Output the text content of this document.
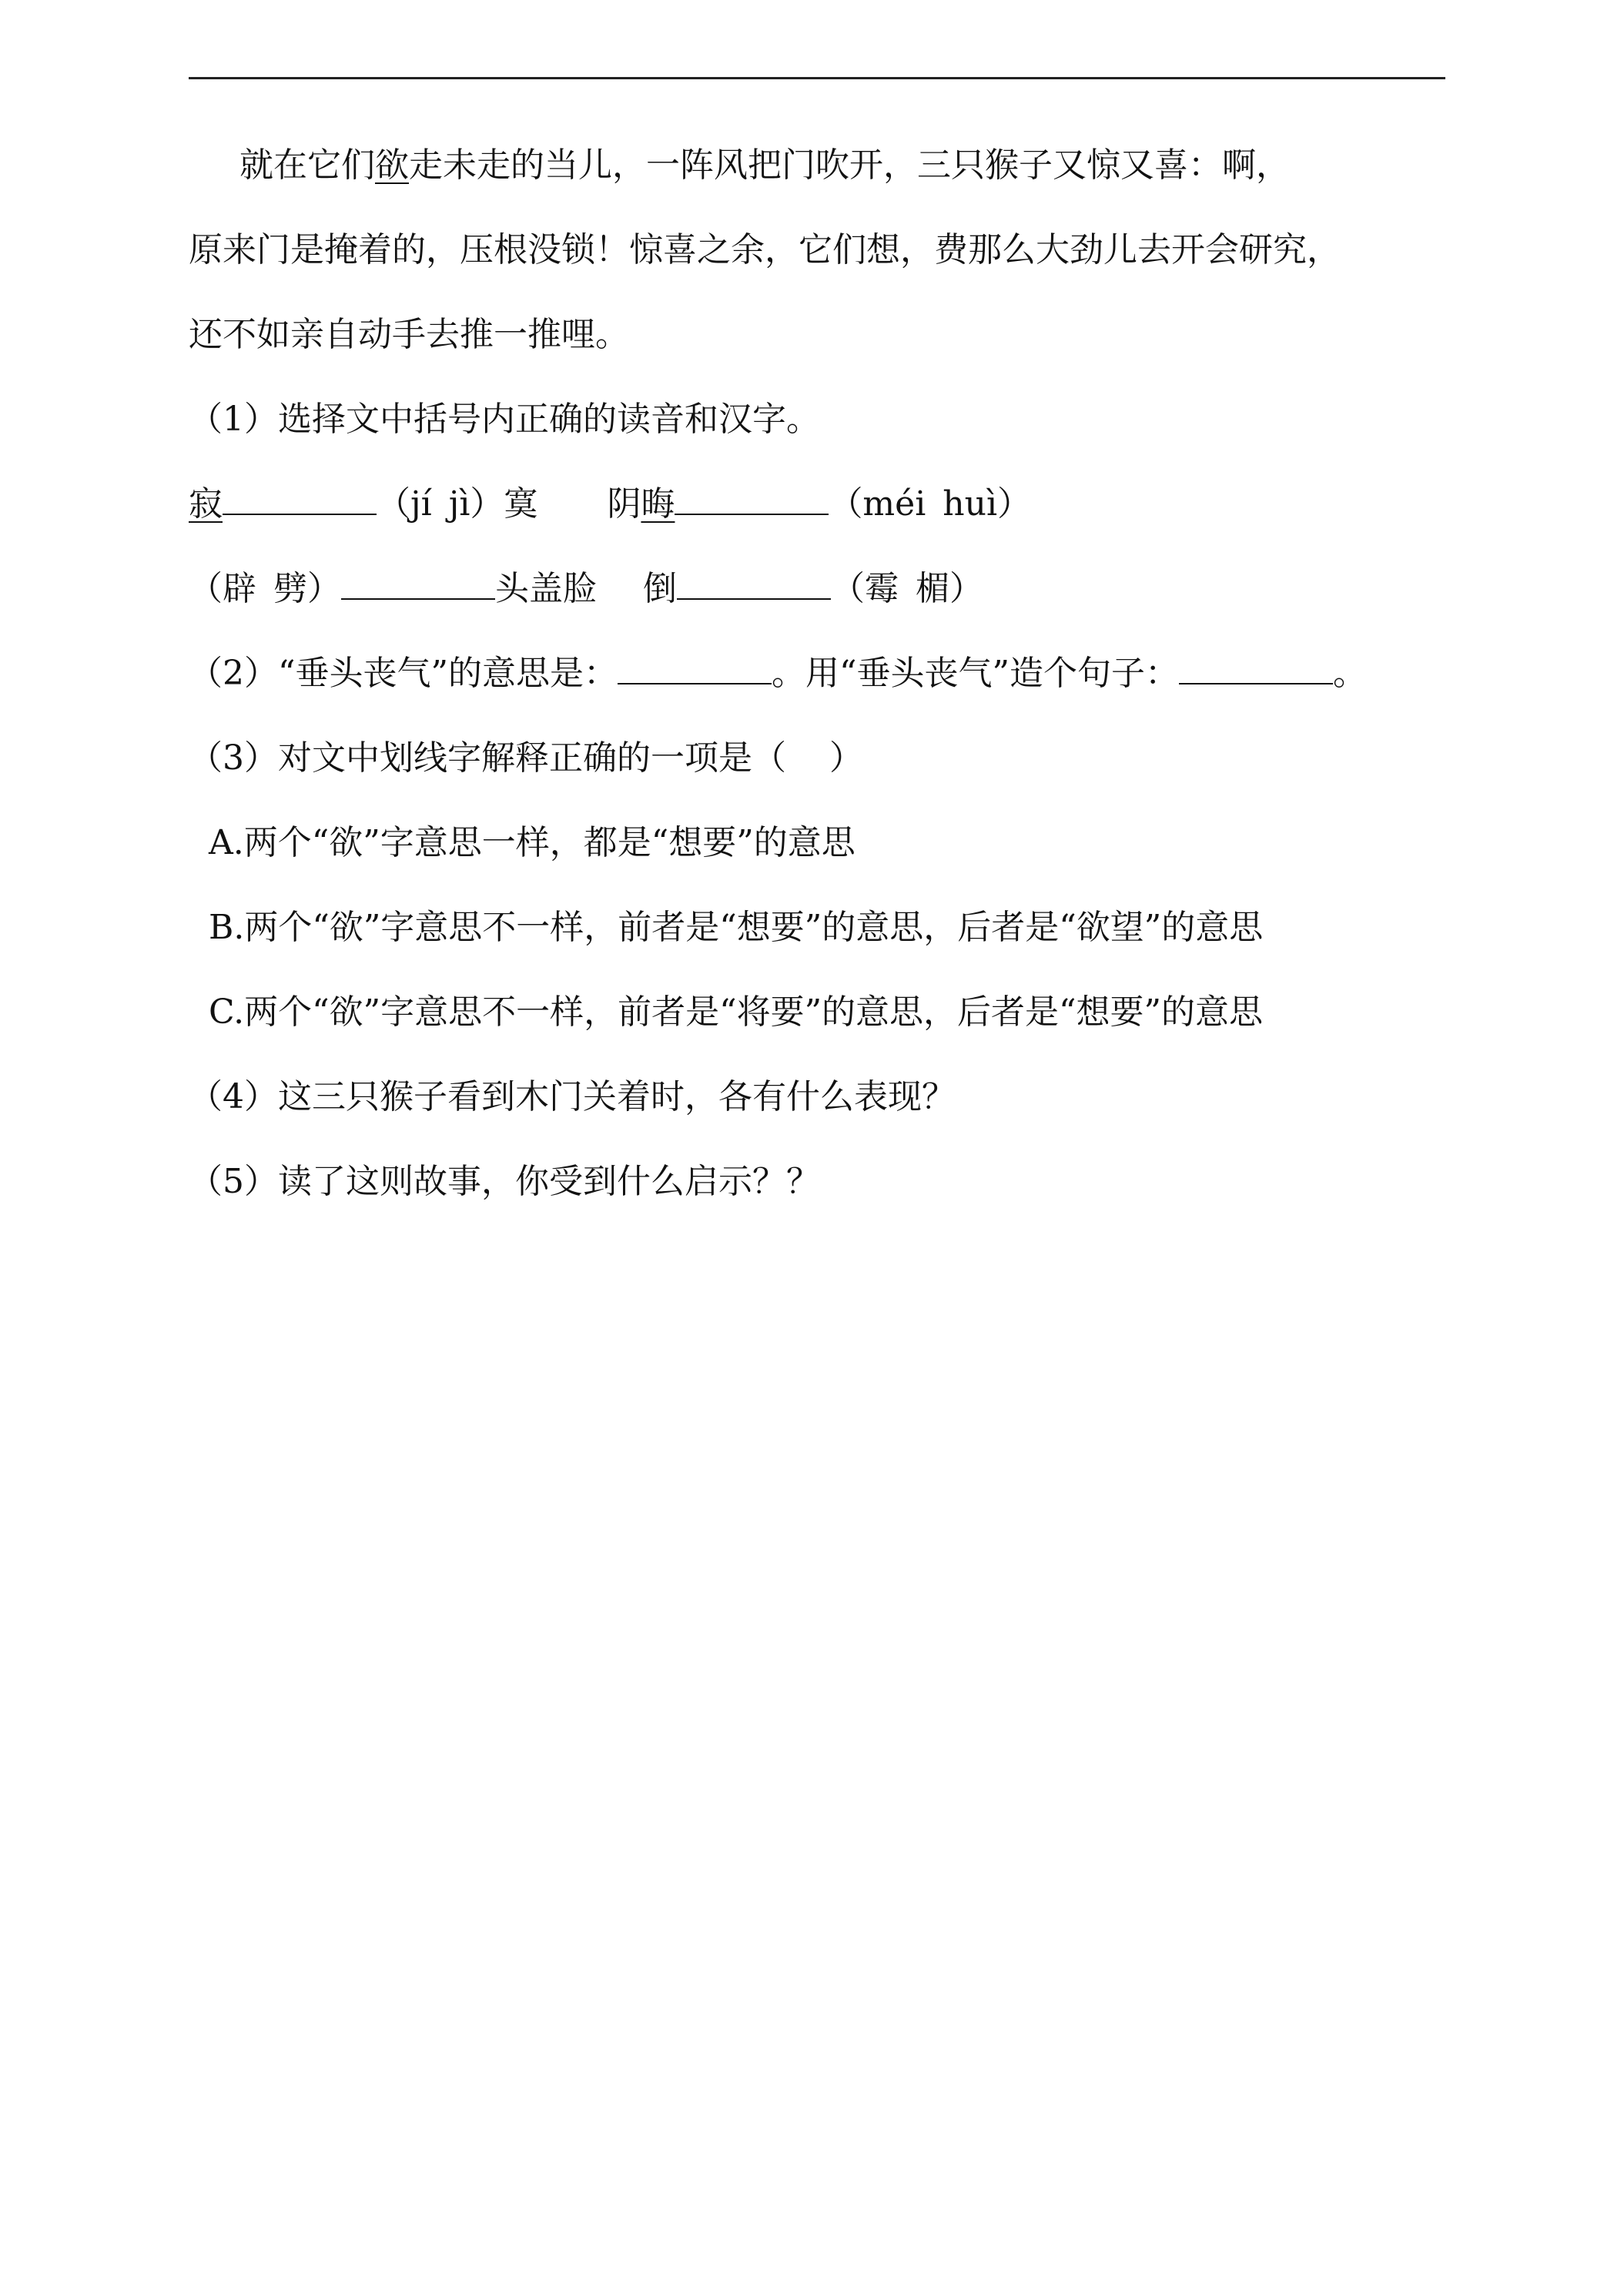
就在它们欲走未走的当儿，一阵风把门吹开，三只猴子又惊又喜：啊，
原来门是掩着的，压根没锁！惊喜之余，它们想，费那么大劲儿去开会研究，
还不如亲自动手去推一推哩。
（1）选择文中括号内正确的读音和汉字。
寂	（jí jì）寞 阴晦	（méi huì）
（辟 劈）	头盖脸 倒	（霉 楣）
（2）“垂头丧气”的意思是：	。用“垂头丧气”造个句子：	。
（3）对文中划线字解释正确的一项是（ ）
A.两个“欲”字意思一样，都是“想要”的意思
B.两个“欲”字意思不一样，前者是“想要”的意思，后者是“欲望”的意思
C.两个“欲”字意思不一样，前者是“将要”的意思，后者是“想要”的意思
（4）这三只猴子看到木门关着时，各有什么表现？
（5）读了这则故事，你受到什么启示？？
